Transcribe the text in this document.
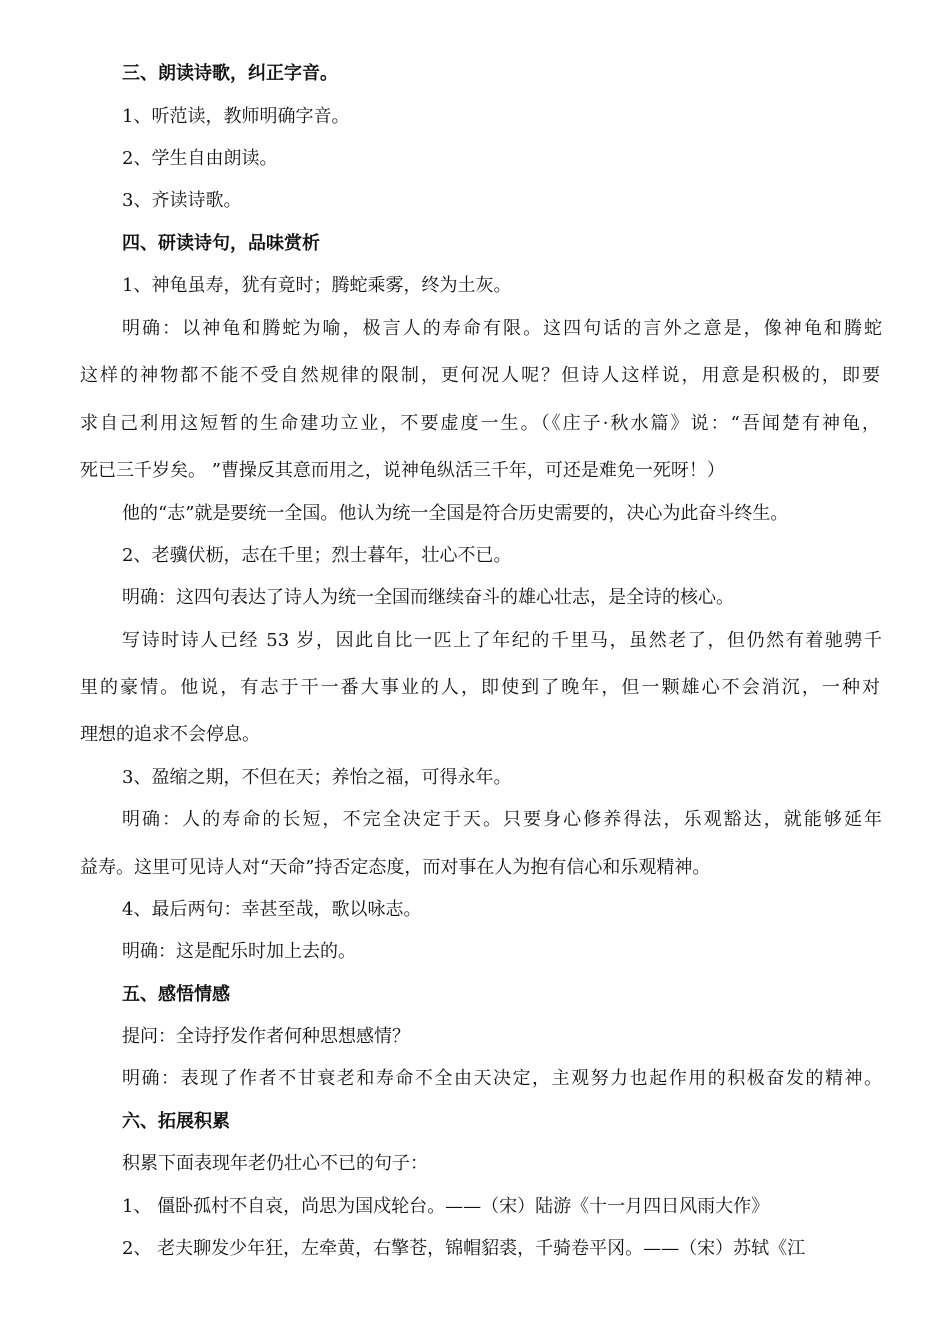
三、朗读诗歌，纠正字音。
1、听范读，教师明确字音。
2、学生自由朗读。
3、齐读诗歌。
四、研读诗句，品味赏析
1、神龟虽寿，犹有竟时；腾蛇乘雾，终为土灰。
明确：以神龟和腾蛇为喻，极言人的寿命有限。这四句话的言外之意是，像神龟和腾蛇
这样的神物都不能不受自然规律的限制，更何况人呢？但诗人这样说，用意是积极的，即要
求自己利用这短暂的生命建功立业，不要虚度一生。（《庄子·秋水篇》说：“吾闻楚有神龟，
死已三千岁矣。 ”曹操反其意而用之，说神龟纵活三千年，可还是难免一死呀！）
他的“志”就是要统一全国。他认为统一全国是符合历史需要的，决心为此奋斗终生。
2、老骥伏枥，志在千里；烈士暮年，壮心不已。
明确：这四句表达了诗人为统一全国而继续奋斗的雄心壮志，是全诗的核心。
写诗时诗人已经 53 岁，因此自比一匹上了年纪的千里马，虽然老了，但仍然有着驰骋千
里的豪情。他说，有志于干一番大事业的人，即使到了晚年，但一颗雄心不会消沉，一种对
理想的追求不会停息。
3、盈缩之期，不但在天；养怡之福，可得永年。
明确：人的寿命的长短，不完全决定于天。只要身心修养得法，乐观豁达，就能够延年
益寿。这里可见诗人对“天命”持否定态度，而对事在人为抱有信心和乐观精神。
4、最后两句：幸甚至哉，歌以咏志。
明确：这是配乐时加上去的。
五、感悟情感
提问：全诗抒发作者何种思想感情？
明确：表现了作者不甘衰老和寿命不全由天决定，主观努力也起作用的积极奋发的精神。
六、拓展积累
积累下面表现年老仍壮心不已的句子：
1、 僵卧孤村不自哀，尚思为国戍轮台。——（宋）陆游《十一月四日风雨大作》
2、 老夫聊发少年狂，左牵黄，右擎苍，锦帽貂裘，千骑卷平冈。——（宋）苏轼《江
